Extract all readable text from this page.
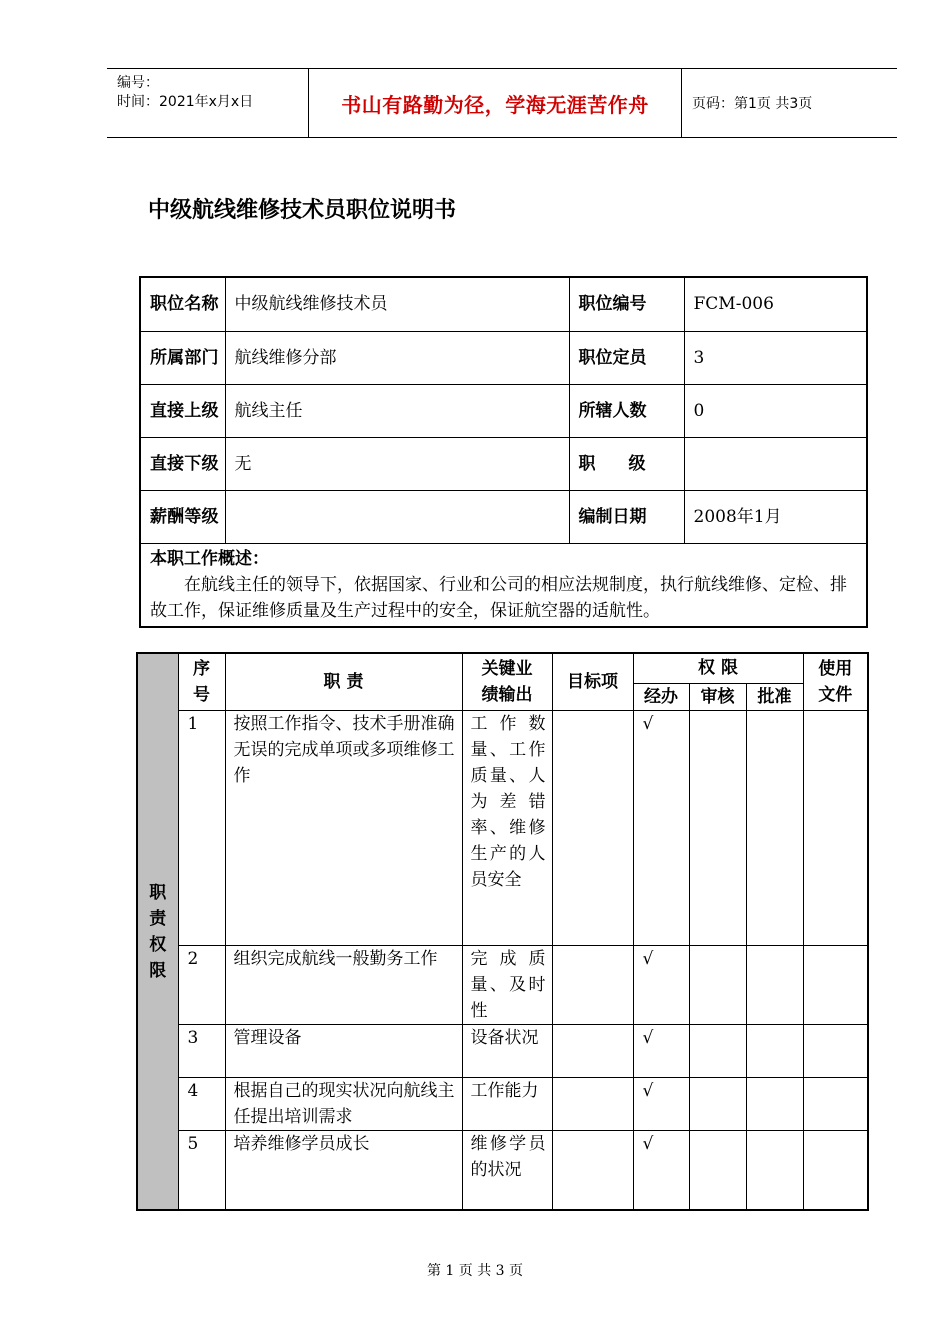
编号：
时间：2021年x月x日	书山有路勤为径，学海无涯苦作舟	页码：第1页 共3页
中级航线维修技术员职位说明书
职位名称	中级航线维修技术员	职位编号	FCM-006
所属部门	航线维修分部	职位定员	3
直接上级	航线主任	所辖人数	0
直接下级	无	职 级	
薪酬等级		编制日期	2008年1月

本职工作概述：
在航线主任的领导下，依据国家、行业和公司的相应法规制度，执行航线维修、定检、排故工作，保证维修质量及生产过程中的安全，保证航空器的适航性。			
职责权限	序号	职 责	关键业绩输出	目标项	权 限			使用文件
					经办	审核	批准	
	1	按照工作指令、技术手册准确无误的完成单项或多项维修工作	工作数量、工作质量、人为差错率、维修生产的人员安全		√			
	2	组织完成航线一般勤务工作	完成质量、及时性		√			
	3	管理设备	设备状况		√			
	4	根据自己的现实状况向航线主任提出培训需求	工作能力		√			
	5	培养维修学员成长	维修学员的状况		√			
第 1 页 共 3 页
